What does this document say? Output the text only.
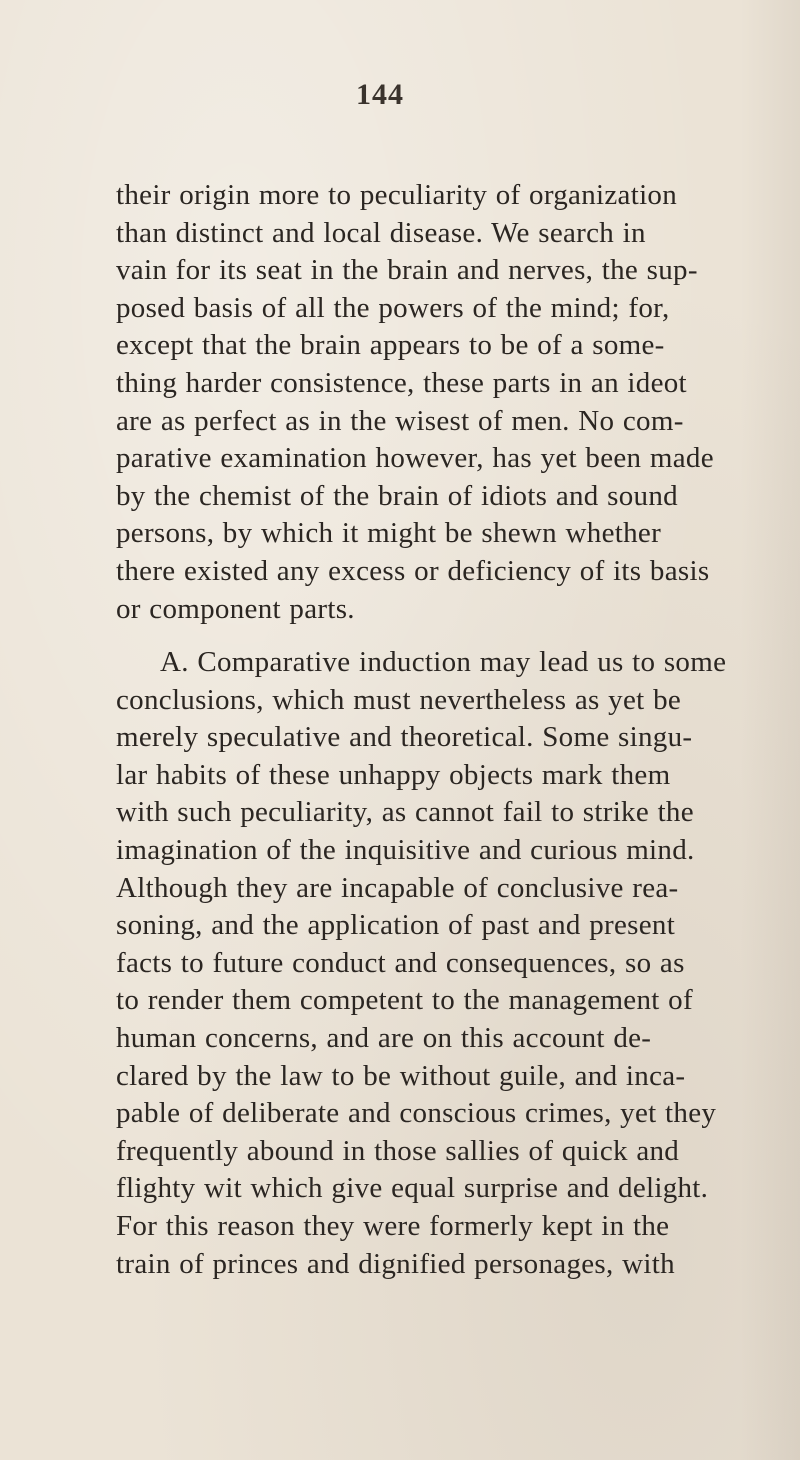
144
their origin more to peculiarity of organization
than distinct and local disease. We search in
vain for its seat in the brain and nerves, the sup-
posed basis of all the powers of the mind; for,
except that the brain appears to be of a some-
thing harder consistence, these parts in an ideot
are as perfect as in the wisest of men. No com-
parative examination however, has yet been made
by the chemist of the brain of idiots and sound
persons, by which it might be shewn whether
there existed any excess or deficiency of its basis
or component parts.
A. Comparative induction may lead us to some
conclusions, which must nevertheless as yet be
merely speculative and theoretical. Some singu-
lar habits of these unhappy objects mark them
with such peculiarity, as cannot fail to strike the
imagination of the inquisitive and curious mind.
Although they are incapable of conclusive rea-
soning, and the application of past and present
facts to future conduct and consequences, so as
to render them competent to the management of
human concerns, and are on this account de-
clared by the law to be without guile, and inca-
pable of deliberate and conscious crimes, yet they
frequently abound in those sallies of quick and
flighty wit which give equal surprise and delight.
For this reason they were formerly kept in the
train of princes and dignified personages, with
